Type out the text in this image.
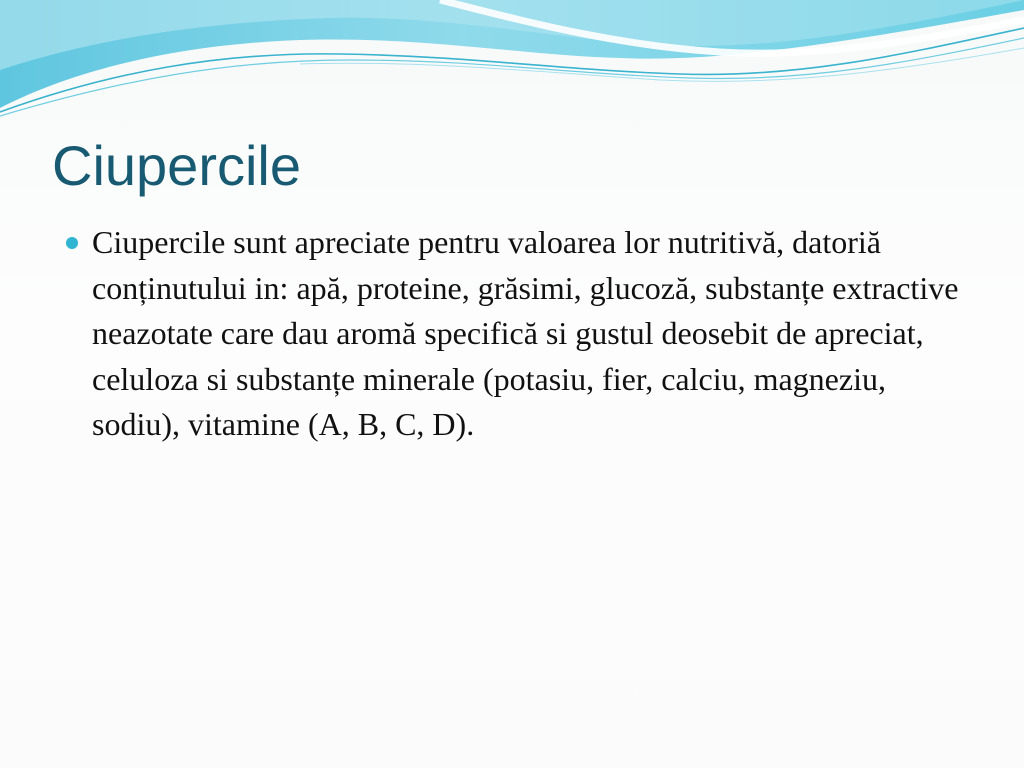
Ciupercile
Ciupercile sunt apreciate pentru valoarea lor nutritivă, datoriă conținutului in: apă, proteine, grăsimi, glucoză, substanțe extractive neazotate care dau aromă specifică si gustul deosebit de apreciat, celuloza si substanțe minerale (potasiu, fier, calciu, magneziu, sodiu), vitamine (A, B, C, D).
